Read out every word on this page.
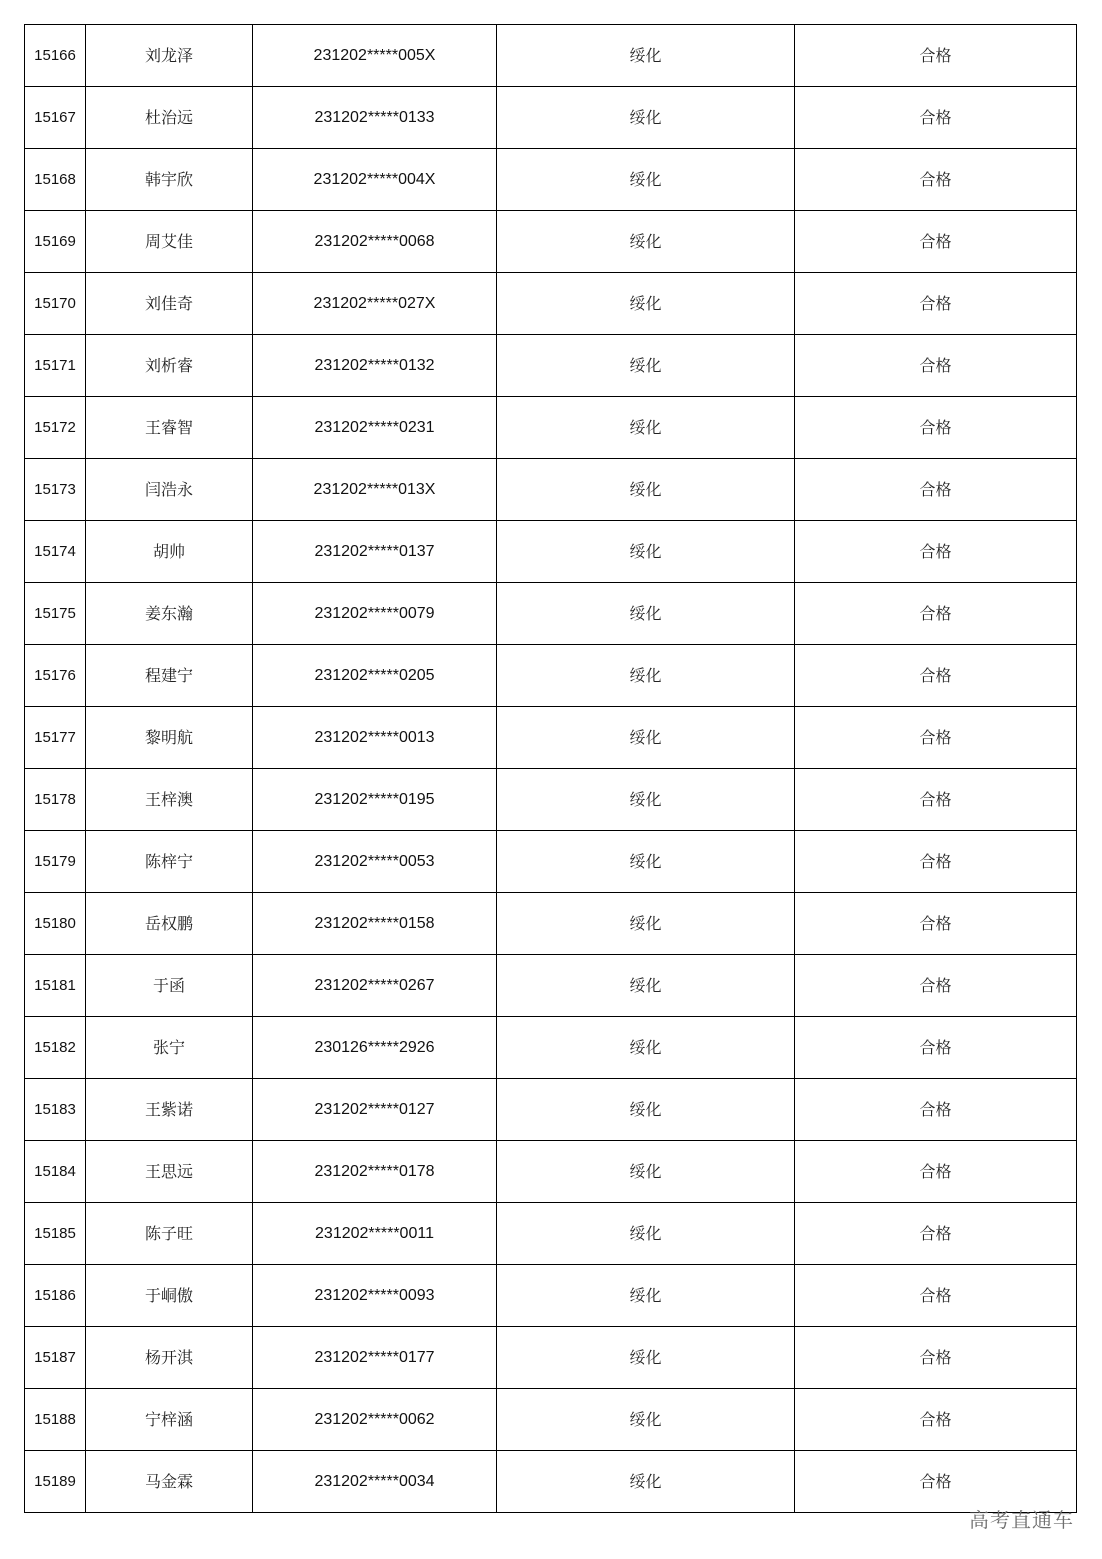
15166	刘龙泽	231202*****005X	绥化	合格
15167	杜治远	231202*****0133	绥化	合格
15168	韩宇欣	231202*****004X	绥化	合格
15169	周艾佳	231202*****0068	绥化	合格
15170	刘佳奇	231202*****027X	绥化	合格
15171	刘析睿	231202*****0132	绥化	合格
15172	王睿智	231202*****0231	绥化	合格
15173	闫浩永	231202*****013X	绥化	合格
15174	胡帅	231202*****0137	绥化	合格
15175	姜东瀚	231202*****0079	绥化	合格
15176	程建宁	231202*****0205	绥化	合格
15177	黎明航	231202*****0013	绥化	合格
15178	王梓澳	231202*****0195	绥化	合格
15179	陈梓宁	231202*****0053	绥化	合格
15180	岳权鹏	231202*****0158	绥化	合格
15181	于函	231202*****0267	绥化	合格
15182	张宁	230126*****2926	绥化	合格
15183	王紫诺	231202*****0127	绥化	合格
15184	王思远	231202*****0178	绥化	合格
15185	陈子旺	231202*****0011	绥化	合格
15186	于峒傲	231202*****0093	绥化	合格
15187	杨开淇	231202*****0177	绥化	合格
15188	宁梓涵	231202*****0062	绥化	合格
15189	马金霖	231202*****0034	绥化	合格
高考直通车
